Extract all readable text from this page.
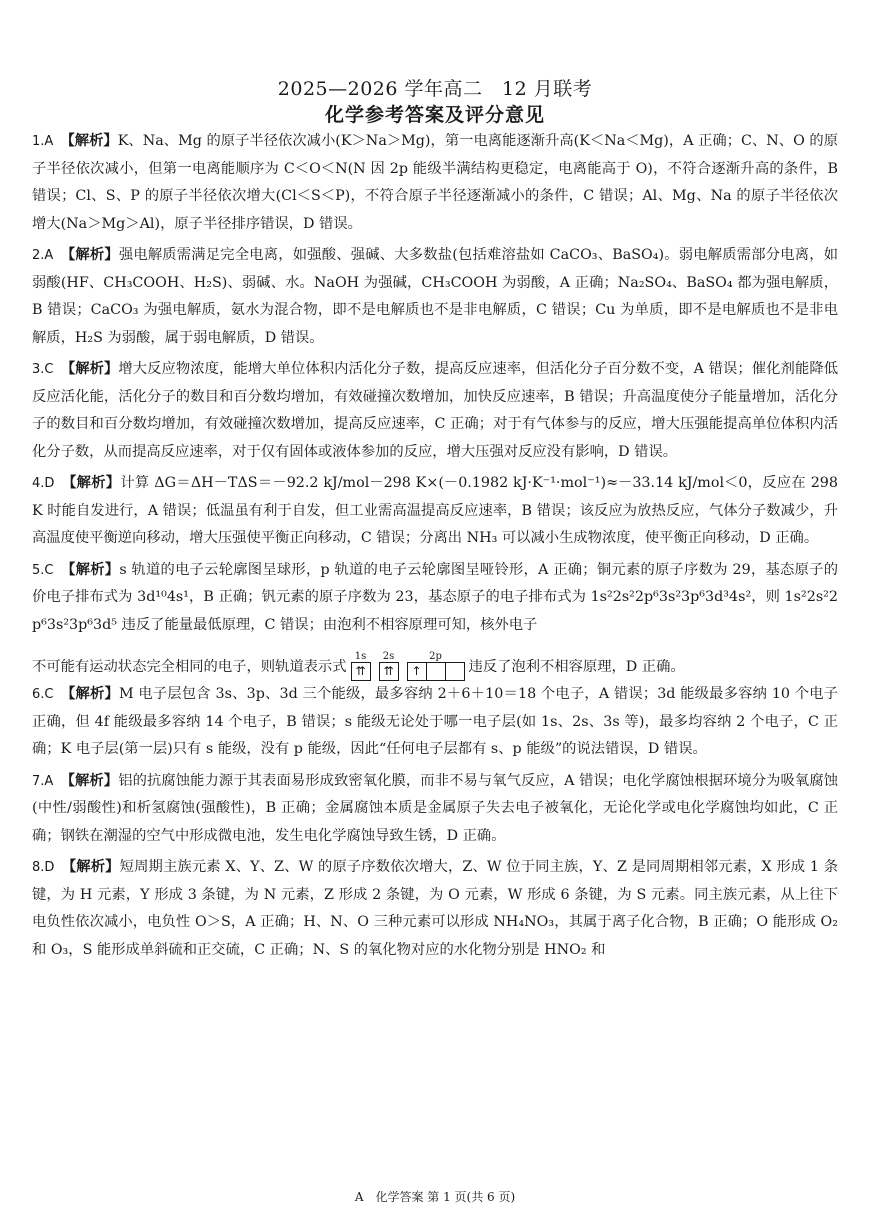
2025—2026 学年高二　12 月联考
化学参考答案及评分意见

1.A　 【解析】K、Na、Mg 的原子半径依次减小(K＞Na＞Mg)，第一电离能逐渐升高(K＜Na＜Mg)，A 正确；C、N、O 的原子半径依次减小，但第一电离能顺序为 C＜O＜N(N 因 2p 能级半满结构更稳定，电离能高于 O)，不符合逐渐升高的条件，B 错误；Cl、S、P 的原子半径依次增大(Cl＜S＜P)，不符合原子半径逐渐减小的条件，C 错误；Al、Mg、Na 的原子半径依次增大(Na＞Mg＞Al)，原子半径排序错误，D 错误。

2.A　 【解析】强电解质需满足完全电离，如强酸、强碱、大多数盐(包括难溶盐如 CaCO₃、BaSO₄)。弱电解质需部分电离，如弱酸(HF、CH₃COOH、H₂S)、弱碱、水。NaOH 为强碱，CH₃COOH 为弱酸，A 正确；Na₂SO₄、BaSO₄ 都为强电解质，B 错误；CaCO₃ 为强电解质，氨水为混合物，即不是电解质也不是非电解质，C 错误；Cu 为单质，即不是电解质也不是非电解质，H₂S 为弱酸，属于弱电解质，D 错误。

3.C　 【解析】增大反应物浓度，能增大单位体积内活化分子数，提高反应速率，但活化分子百分数不变，A 错误；催化剂能降低反应活化能，活化分子的数目和百分数均增加，有效碰撞次数增加，加快反应速率，B 错误；升高温度使分子能量增加，活化分子的数目和百分数均增加，有效碰撞次数增加，提高反应速率，C 正确；对于有气体参与的反应，增大压强能提高单位体积内活化分子数，从而提高反应速率，对于仅有固体或液体参加的反应，增大压强对反应没有影响，D 错误。

4.D　 【解析】计算 ΔG＝ΔH－TΔS＝－92.2 kJ/mol－298 K×(－0.1982 kJ·K⁻¹·mol⁻¹)≈－33.14 kJ/mol＜0，反应在 298 K 时能自发进行，A 错误；低温虽有利于自发，但工业需高温提高反应速率，B 错误；该反应为放热反应，气体分子数减少，升高温度使平衡逆向移动，增大压强使平衡正向移动，C 错误；分离出 NH₃ 可以减小生成物浓度，使平衡正向移动，D 正确。

5.C　 【解析】s 轨道的电子云轮廓图呈球形，p 轨道的电子云轮廓图呈哑铃形，A 正确；铜元素的原子序数为 29，基态原子的价电子排布式为 3d¹⁰4s¹，B 正确；钒元素的原子序数为 23，基态原子的电子排布式为 1s²2s²2p⁶3s²3p⁶3d³4s²，则 1s²2s²2p⁶3s²3p⁶3d⁵ 违反了能量最低原理，C 错误；由泡利不相容原理可知，核外电子

不可能有运动状态完全相同的电子，则轨道表示式
1s
⇈
2s
⇈
2p
↑	违反了泡利不相容原理，D 正确。

6.C　 【解析】M 电子层包含 3s、3p、3d 三个能级，最多容纳 2＋6＋10＝18 个电子，A 错误；3d 能级最多容纳 10 个电子正确，但 4f 能级最多容纳 14 个电子，B 错误；s 能级无论处于哪一电子层(如 1s、2s、3s 等)，最多均容纳 2 个电子，C 正确；K 电子层(第一层)只有 s 能级，没有 p 能级，因此“任何电子层都有 s、p 能级”的说法错误，D 错误。

7.A　 【解析】铝的抗腐蚀能力源于其表面易形成致密氧化膜，而非不易与氧气反应，A 错误；电化学腐蚀根据环境分为吸氧腐蚀(中性/弱酸性)和析氢腐蚀(强酸性)，B 正确；金属腐蚀本质是金属原子失去电子被氧化，无论化学或电化学腐蚀均如此，C 正确；钢铁在潮湿的空气中形成微电池，发生电化学腐蚀导致生锈，D 正确。

8.D　 【解析】短周期主族元素 X、Y、Z、W 的原子序数依次增大，Z、W 位于同主族，Y、Z 是同周期相邻元素，X 形成 1 条键，为 H 元素，Y 形成 3 条键，为 N 元素，Z 形成 2 条键，为 O 元素，W 形成 6 条键，为 S 元素。同主族元素，从上往下电负性依次减小，电负性 O＞S，A 正确；H、N、O 三种元素可以形成 NH₄NO₃，其属于离子化合物，B 正确；O 能形成 O₂ 和 O₃，S 能形成单斜硫和正交硫，C 正确；N、S 的氧化物对应的水化物分别是 HNO₂ 和

A　化学答案 第 1 页(共 6 页)
